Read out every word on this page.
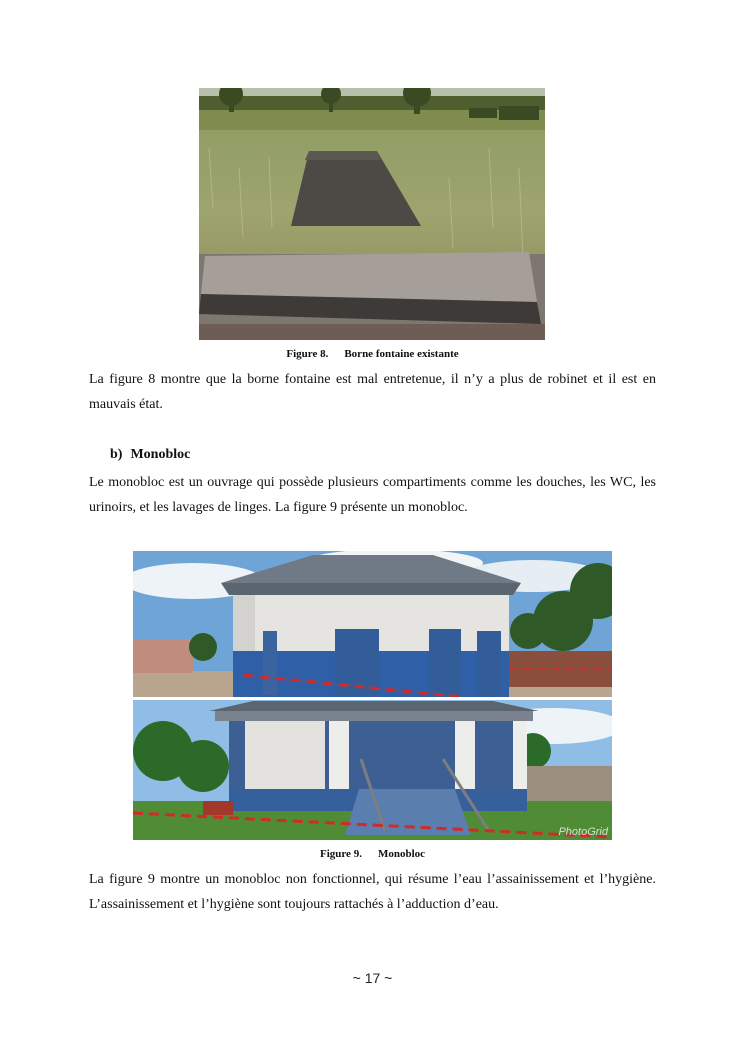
Figure 8. Borne fontaine existante

La figure 8 montre que la borne fontaine est mal entretenue, il n’y a plus de robinet et il est en mauvais état.

b) Monobloc

Le monobloc est un ouvrage qui possède plusieurs compartiments comme les douches, les WC, les urinoirs, et les lavages de linges. La figure 9 présente un monobloc.

PhotoGrid
Figure 9. Monobloc

La figure 9 montre un monobloc non fonctionnel, qui résume l’eau l’assainissement et l’hygiène. L’assainissement et l’hygiène sont toujours rattachés à l’adduction d’eau.

~ 17 ~
